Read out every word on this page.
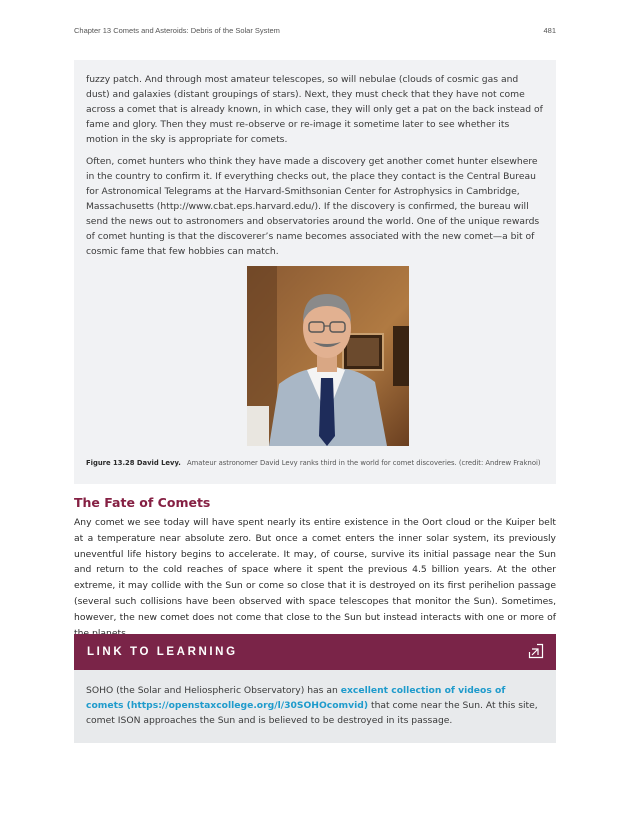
Chapter 13 Comets and Asteroids: Debris of the Solar System	481

fuzzy patch. And through most amateur telescopes, so will nebulae (clouds of cosmic gas and dust) and galaxies (distant groupings of stars). Next, they must check that they have not come across a comet that is already known, in which case, they will only get a pat on the back instead of fame and glory. Then they must re-observe or re-image it sometime later to see whether its motion in the sky is appropriate for comets.

Often, comet hunters who think they have made a discovery get another comet hunter elsewhere in the country to confirm it. If everything checks out, the place they contact is the Central Bureau for Astronomical Telegrams at the Harvard-Smithsonian Center for Astrophysics in Cambridge, Massachusetts (http://www.cbat.eps.harvard.edu/). If the discovery is confirmed, the bureau will send the news out to astronomers and observatories around the world. One of the unique rewards of comet hunting is that the discoverer’s name becomes associated with the new comet—a bit of cosmic fame that few hobbies can match.

Figure 13.28 David Levy. Amateur astronomer David Levy ranks third in the world for comet discoveries. (credit: Andrew Fraknoi)
The Fate of Comets

Any comet we see today will have spent nearly its entire existence in the Oort cloud or the Kuiper belt at a temperature near absolute zero. But once a comet enters the inner solar system, its previously uneventful life history begins to accelerate. It may, of course, survive its initial passage near the Sun and return to the cold reaches of space where it spent the previous 4.5 billion years. At the other extreme, it may collide with the Sun or come so close that it is destroyed on its first perihelion passage (several such collisions have been observed with space telescopes that monitor the Sun). Sometimes, however, the new comet does not come that close to the Sun but instead interacts with one or more of

LINK TO LEARNING
SOHO (the Solar and Heliospheric Observatory) has an excellent collection of videos of comets (https://openstaxcollege.org/l/30SOHOcomvid) that come near the Sun. At this site, comet ISON approaches the Sun and is believed to be destroyed in its passage.
